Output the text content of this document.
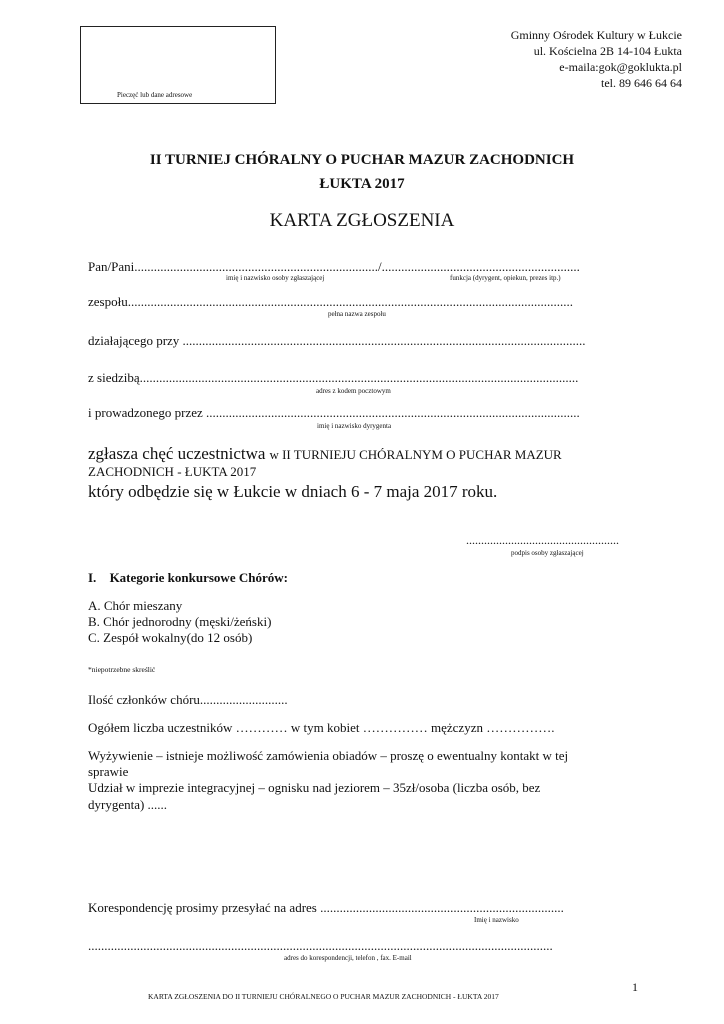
Pieczęć lub dane adresowe
Gminny Ośrodek Kultury w Łukcie
ul. Kościelna 2B 14-104 Łukta
e-maila:gok@goklukta.pl
tel. 89 646 64 64
II TURNIEJ CHÓRALNY O PUCHAR MAZUR ZACHODNICH
ŁUKTA 2017
KARTA ZGŁOSZENIA
Pan/Pani.........................................................................../.............................................................
imię i nazwisko osoby zgłaszającej	funkcja (dyrygent, opiekun, prezes itp.)
zespołu.........................................................................................................................................
pełna nazwa zespołu
działającego przy ............................................................................................................................
z siedzibą.......................................................................................................................................
adres z kodem pocztowym
i prowadzonego przez ...................................................................................................................
imię i nazwisko dyrygenta
zgłasza chęć uczestnictwa w II TURNIEJU CHÓRALNYM O PUCHAR MAZUR
ZACHODNICH - ŁUKTA 2017
który odbędzie się w Łukcie w dniach 6 - 7 maja 2017 roku.
...................................................
podpis osoby zgłaszającej
I. Kategorie konkursowe Chórów:
A. Chór mieszany
B. Chór jednorodny (męski/żeński)
C. Zespół wokalny(do 12 osób)
*niepotrzebne skreślić
Ilość członków chóru...........................
Ogółem liczba uczestników ………… w tym kobiet …………… mężczyzn …………….
Wyżywienie – istnieje możliwość zamówienia obiadów – proszę o ewentualny kontakt w tej
sprawie
Udział w imprezie integracyjnej – ognisku nad jeziorem – 35zł/osoba (liczba osób, bez
dyrygenta) ......
Korespondencję prosimy przesyłać na adres ...........................................................................
Imię i nazwisko
...............................................................................................................................................
adres do korespondencji, telefon , fax. E-mail
1
KARTA ZGŁOSZENIA DO II TURNIEJU CHÓRALNEGO O PUCHAR MAZUR ZACHODNICH - ŁUKTA 2017
